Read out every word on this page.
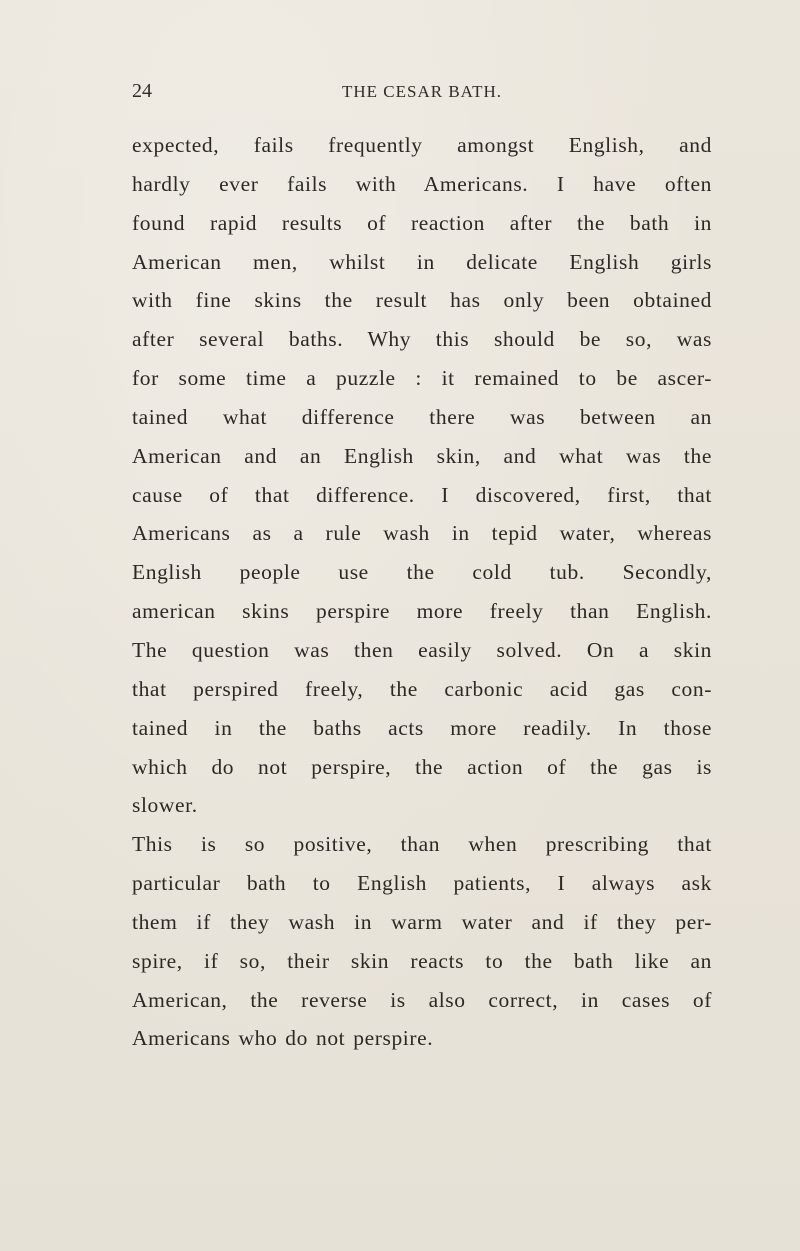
24	THE CESAR BATH.
expected, fails frequently amongst English, and
hardly ever fails with Americans. I have often
found rapid results of reaction after the bath in
American men, whilst in delicate English girls
with fine skins the result has only been obtained
after several baths. Why this should be so, was
for some time a puzzle : it remained to be ascer-
tained what difference there was between an
American and an English skin, and what was the
cause of that difference. I discovered, first, that
Americans as a rule wash in tepid water, whereas
English people use the cold tub. Secondly,
american skins perspire more freely than English.
The question was then easily solved. On a skin
that perspired freely, the carbonic acid gas con-
tained in the baths acts more readily. In those
which do not perspire, the action of the gas is
slower.
This is so positive, than when prescribing that
particular bath to English patients, I always ask
them if they wash in warm water and if they per-
spire, if so, their skin reacts to the bath like an
American, the reverse is also correct, in cases of
Americans who do not perspire.
